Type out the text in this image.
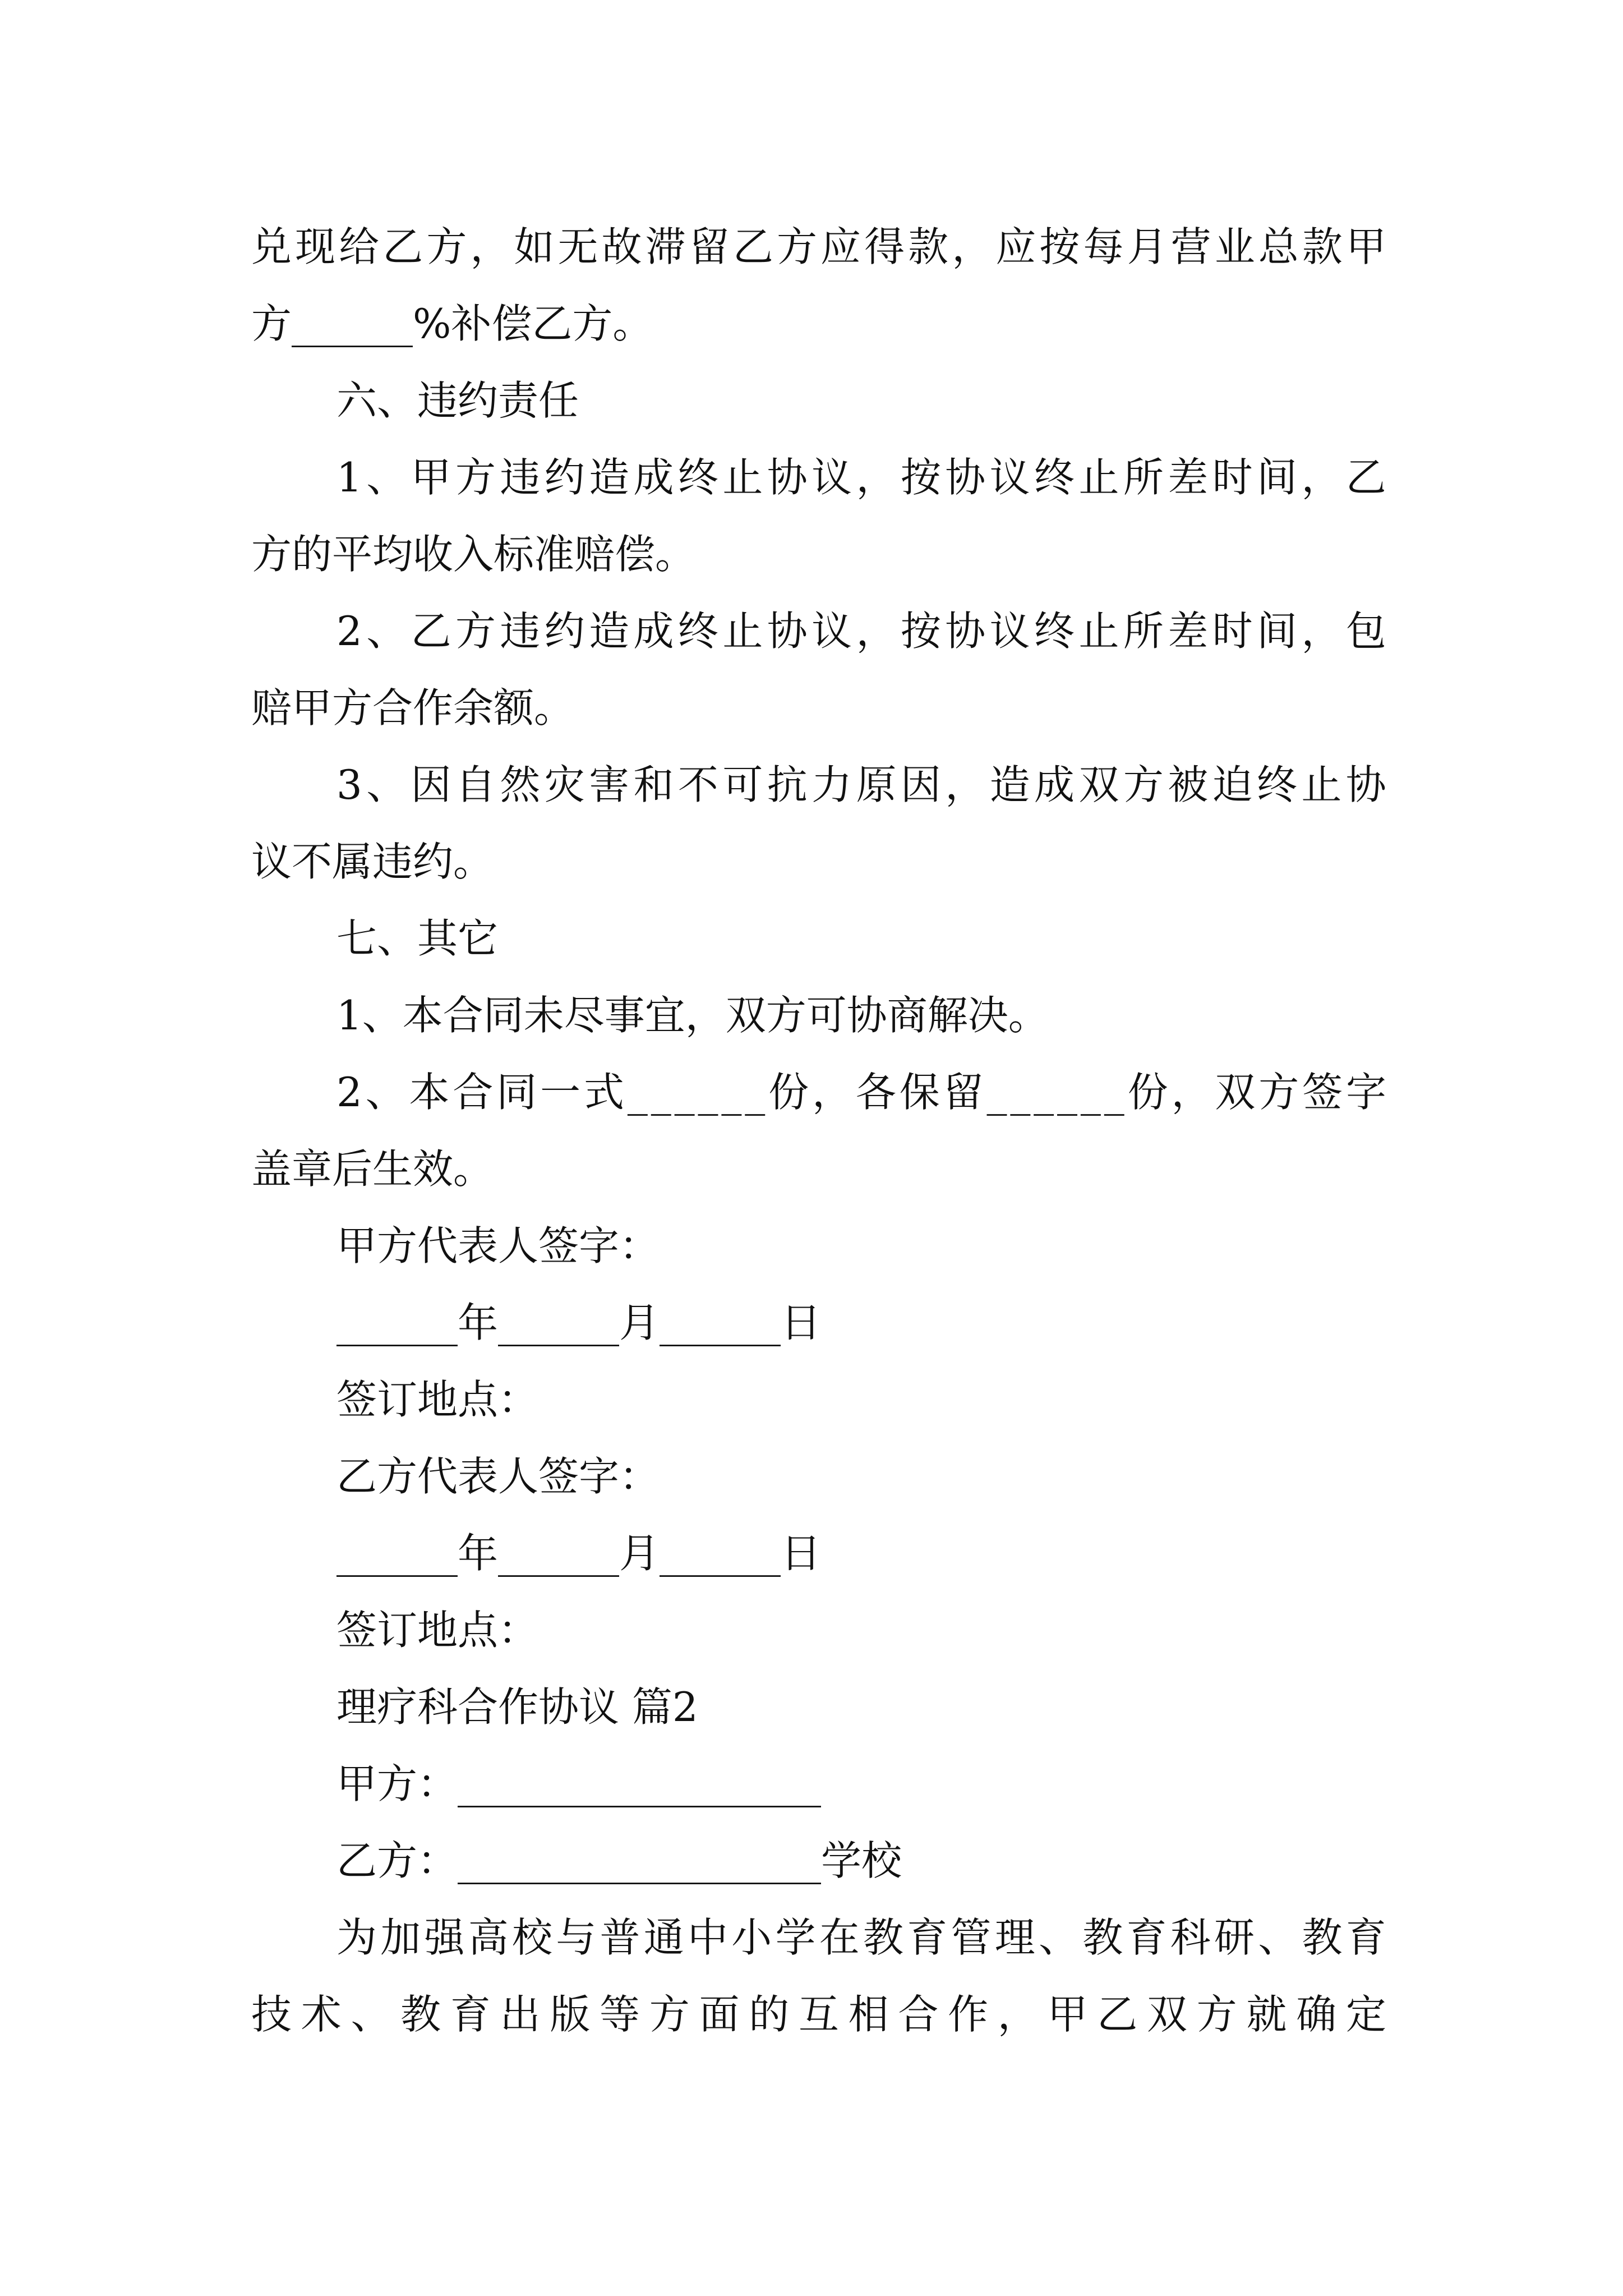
兑 现 给 乙 方 ， 如 无 故 滞 留 乙 方 应 得 款 ， 应 按 每 月 营 业 总 款 甲
方______%补偿乙方。
六、违约责任
1 、 甲 方 违 约 造 成 终 止 协 议 ， 按 协 议 终 止 所 差 时 间 ， 乙
方的平均收入标准赔偿。
2 、 乙 方 违 约 造 成 终 止 协 议 ， 按 协 议 终 止 所 差 时 间 ， 包
赔甲方合作余额。
3 、 因 自 然 灾 害 和 不 可 抗 力 原 因 ， 造 成 双 方 被 迫 终 止 协
议不属违约。
七、其它
1、本合同未尽事宜，双方可协商解决。
2 、 本 合 同 一 式 _ _ _ _ _ _ 份 ， 各 保 留 _ _ _ _ _ _ 份 ， 双 方 签 字
盖章后生效。
甲方代表人签字：
______年______月______日
签订地点：
乙方代表人签字：
______年______月______日
签订地点：
理疗科合作协议 篇2
甲方：__________________
乙方：__________________学校
为 加 强 高 校 与 普 通 中 小 学 在 教 育 管 理 、 教 育 科 研 、 教 育
技 术 、 教 育 出 版 等 方 面 的 互 相 合 作 ， 甲 乙 双 方 就 确 定
